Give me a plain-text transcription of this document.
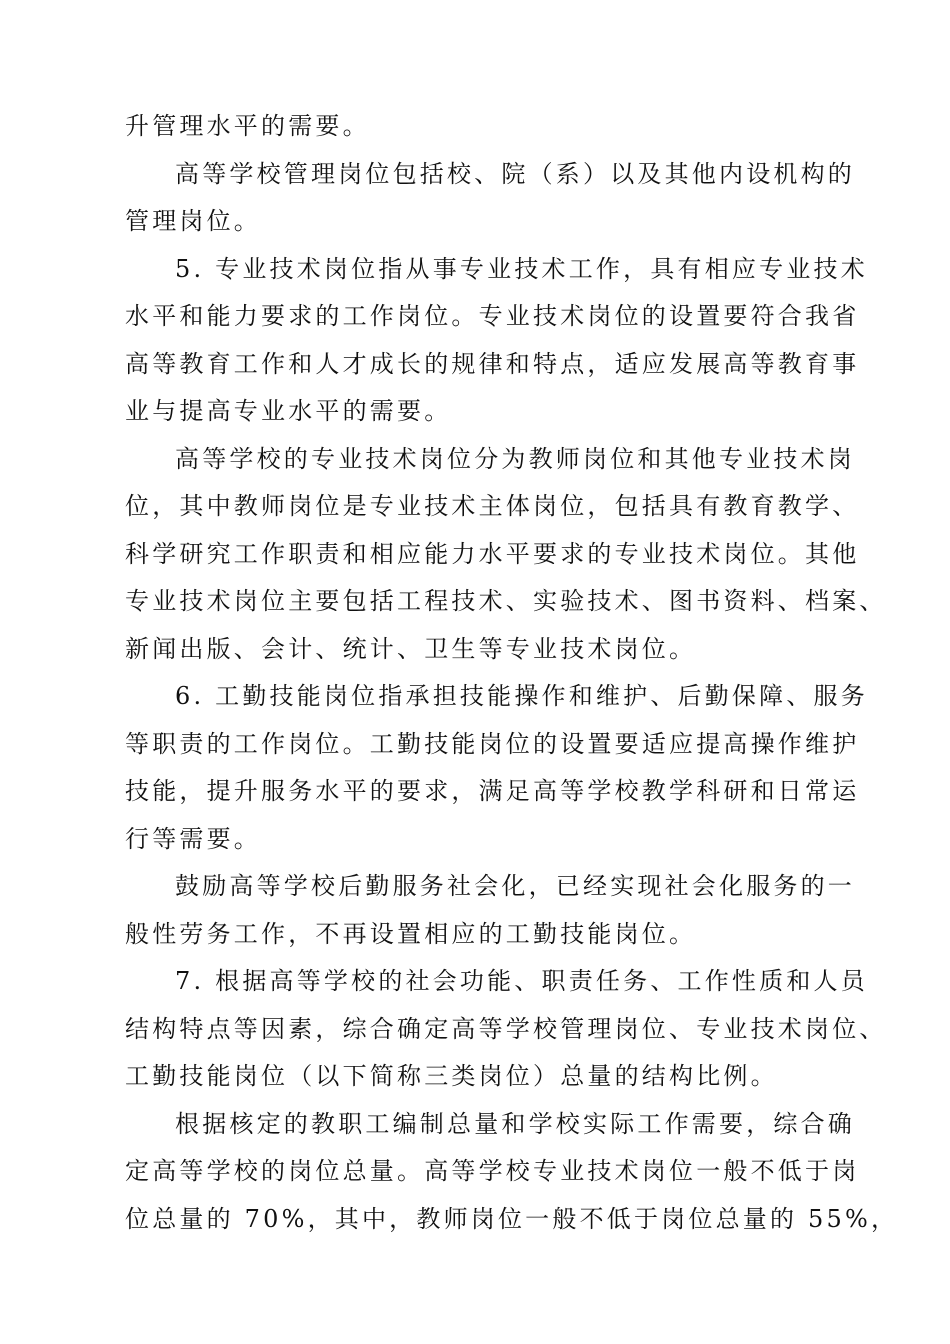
升管理水平的需要。
高等学校管理岗位包括校、院（系）以及其他内设机构的
管理岗位。
5. 专业技术岗位指从事专业技术工作，具有相应专业技术
水平和能力要求的工作岗位。专业技术岗位的设置要符合我省
高等教育工作和人才成长的规律和特点，适应发展高等教育事
业与提高专业水平的需要。
高等学校的专业技术岗位分为教师岗位和其他专业技术岗
位，其中教师岗位是专业技术主体岗位，包括具有教育教学、
科学研究工作职责和相应能力水平要求的专业技术岗位。其他
专业技术岗位主要包括工程技术、实验技术、图书资料、档案、
新闻出版、会计、统计、卫生等专业技术岗位。
6. 工勤技能岗位指承担技能操作和维护、后勤保障、服务
等职责的工作岗位。工勤技能岗位的设置要适应提高操作维护
技能，提升服务水平的要求，满足高等学校教学科研和日常运
行等需要。
鼓励高等学校后勤服务社会化，已经实现社会化服务的一
般性劳务工作，不再设置相应的工勤技能岗位。
7. 根据高等学校的社会功能、职责任务、工作性质和人员
结构特点等因素，综合确定高等学校管理岗位、专业技术岗位、
工勤技能岗位（以下简称三类岗位）总量的结构比例。
根据核定的教职工编制总量和学校实际工作需要，综合确
定高等学校的岗位总量。高等学校专业技术岗位一般不低于岗
位总量的 70%，其中，教师岗位一般不低于岗位总量的 55%，
